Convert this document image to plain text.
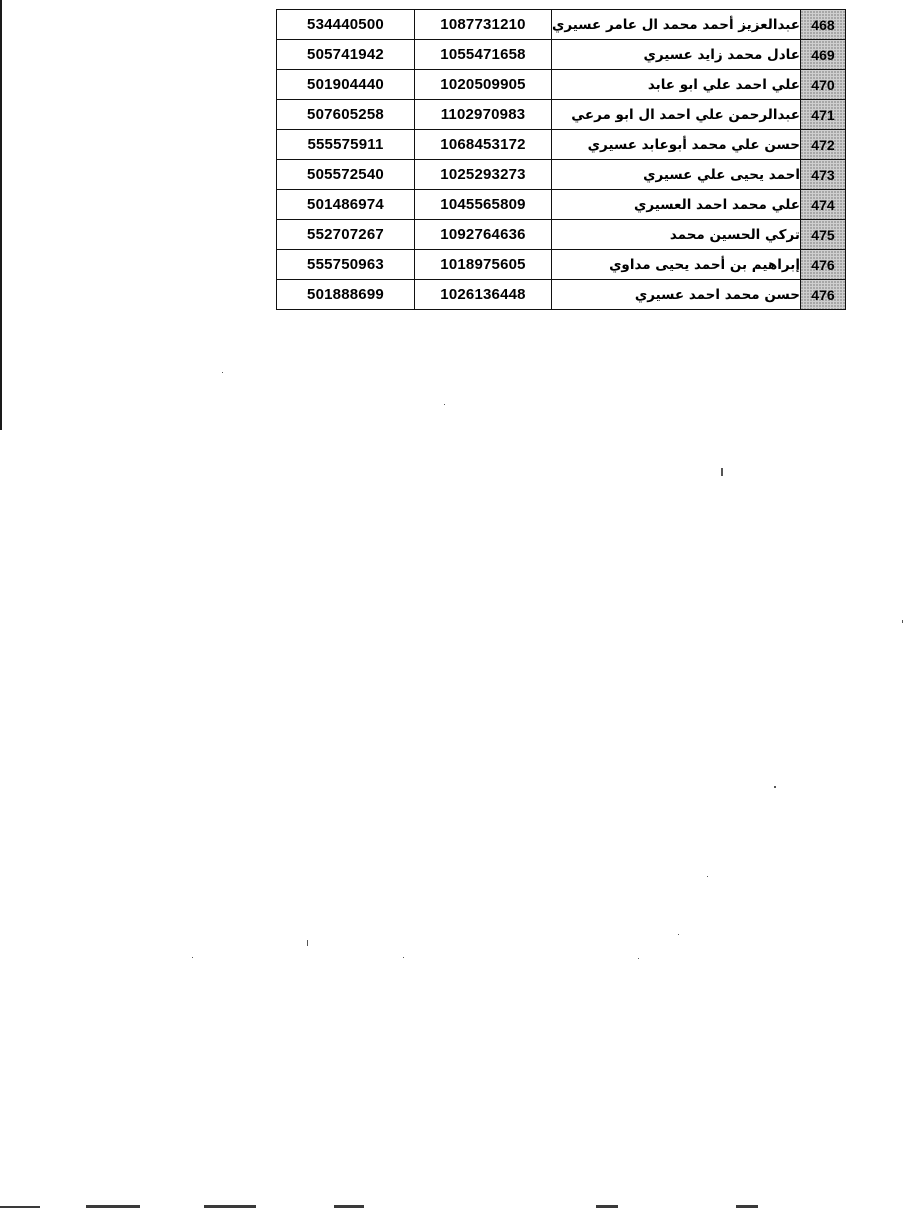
534440500	1087731210	عبدالعزيز أحمد محمد ال عامر عسيري	468
505741942	1055471658	عادل محمد زايد عسيري	469
501904440	1020509905	علي احمد علي ابو عابد	470
507605258	1102970983	عبدالرحمن علي احمد ال ابو مرعي	471
555575911	1068453172	حسن علي محمد أبوعابد عسيري	472
505572540	1025293273	احمد يحيى علي عسيري	473
501486974	1045565809	علي محمد احمد العسيري	474
552707267	1092764636	تركي الحسين محمد	475
555750963	1018975605	إبراهيم بن أحمد يحيى مداوي	476
501888699	1026136448	حسن محمد احمد عسيري	476
